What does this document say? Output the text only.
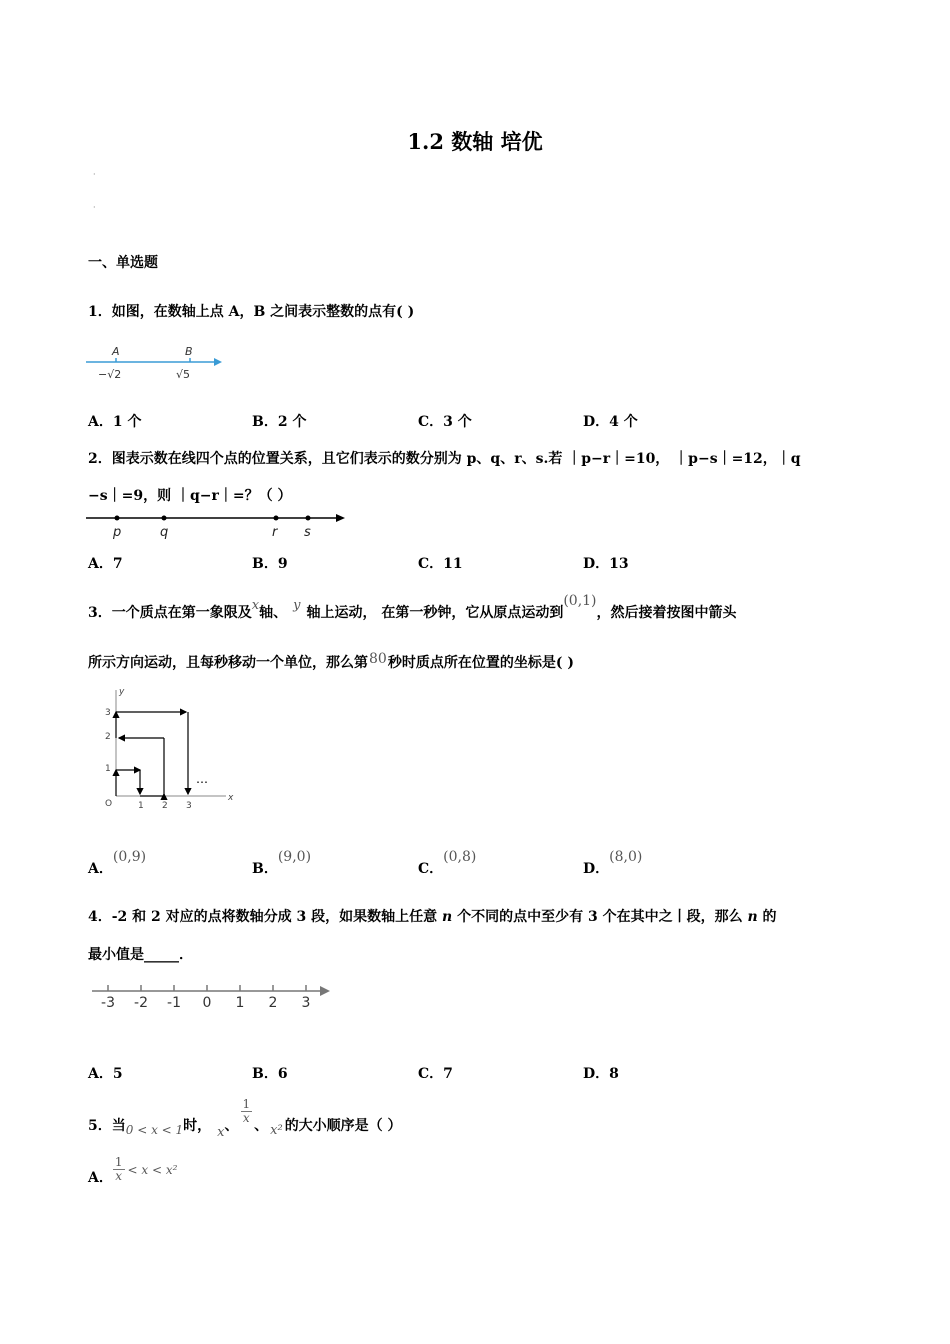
1.2 数轴 培优
·
·
一、单选题
1．如图，在数轴上点 A，B 之间表示整数的点有( )
A	B
−√2	√5
A．1 个	B．2 个	C．3 个	D．4 个
2．图表示数在线四个点的位置关系，且它们表示的数分别为 p、q、r、s.若 ｜p−r｜=10， ｜p−s｜=12，｜q
−s｜=9，则 ｜q−r｜=？（ ）
p	q	r s
A．7	B．9	C．11	D．13
3．一个质点在第一象限及x轴、 y 轴上运动， 在第一秒钟，它从原点运动到(0,1)，然后接着按图中箭头
所示方向运动，且每秒移动一个单位，那么第80秒时质点所在位置的坐标是( )
x
y
O	1 2 3
1
2
3
…
A．(0,9)
B．(9,0)
C．(0,8)
D．(8,0)
4．-2 和 2 对应的点将数轴分成 3 段，如果数轴上任意 n 个不同的点中至少有 3 个在其中之丨段，那么 n 的
最小值是_____．
-3 -2 -1 0 1 2 3
A．5	B．6	C．7	D．8
5．当0 < x < 1时， x、
$\frac{1}{x}$
、 x² 的大小顺序是（ ）
A． $\frac{1}{x} < x < x^2$
